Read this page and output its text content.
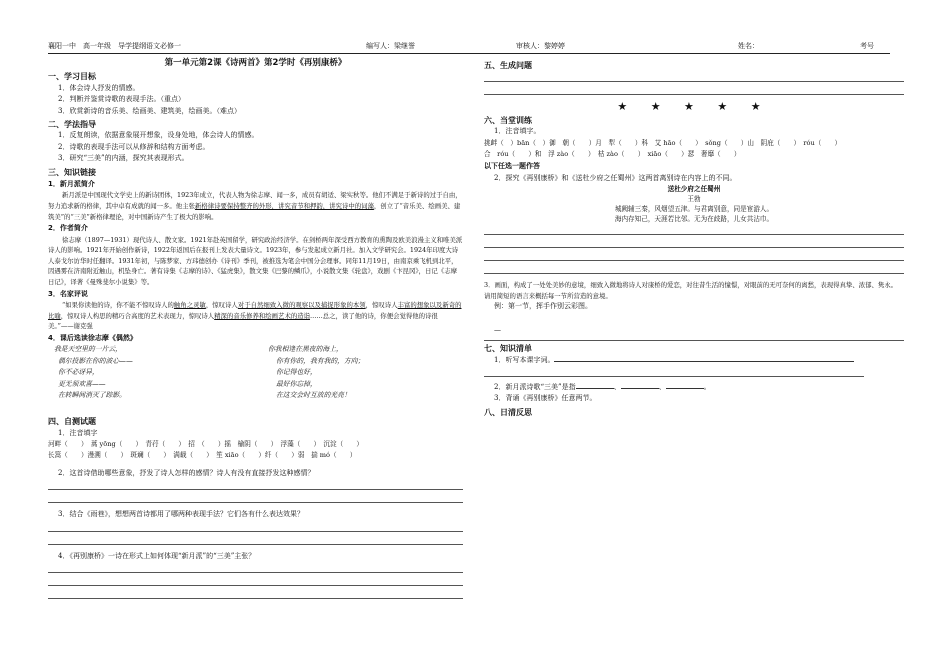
襄阳一中　高一年级　导学提纲语文必修一	编写人：梁继誉	审核人：黎婷婷	姓名：	考号
第一单元第2课《诗两首》第2学时《再别康桥》
一、学习目标
1．体会诗人抒发的情感。
2．判断并鉴赏诗歌的表现手法。（重点）
3．欣赏新诗的音乐美、绘画美、建筑美，绘画美。（难点）
二、学法指导
1．反复朗读，依据意象展开想象，设身处地，体会诗人的情感。
2．诗歌的表现手法可以从修辞和结构方面考虑。
3．研究“三美”的内涵，探究其表现形式。
三、知识链接
1．新月派简介
新月派是中国现代文学史上的新诗团体，1923年成立，代表人物为徐志摩、闻一多，成员有胡适、梁实秋等。他们不满足于新诗的过于自由，努力追求新的格律，其中卓有成就的闻一多。他主张新格律诗要保持整齐的外形，讲究音节和押韵，讲究诗中的词藻，创立了“音乐美、绘画美、建筑美”的“三美”新格律理论，对中国新诗产生了极大的影响。
2．作者简介
徐志摩（1897—1931）现代诗人、散文家。1921年赴英国留学，研究政治经济学。在剑桥两年深受西方教育的熏陶及欧美浪漫主义和唯美派诗人的影响。1921年开始创作新诗，1922年返国后在报刊上发表大量诗文。1923年，参与发起成立新月社。加入文学研究会。1924年印度大诗人泰戈尔访华时任翻译。1931年初，与陈梦家、方玮德创办《诗刊》季刊，被推选为笔会中国分会理事。同年11月19日，由南京乘飞机到北平，因遇雾在济南附近触山，机坠身亡。著有诗集《志摩的诗》、《猛虎集》，散文集《巴黎的鳞爪》，小说散文集《轮盘》，戏剧《卞昆冈》，日记《志摩日记》，译著《曼殊斐尔小说集》等。
3．名家评说
“如果你读他的诗，你不能不惊叹诗人的触角之灵敏，惊叹诗人对于自然细致入微的观察以及捕捉形象的本领，惊叹诗人丰富的想象以及新奇的比喻，惊叹诗人构思的精巧合高度的艺术表现力，惊叹诗人精深的音乐修养和绘画艺术的造诣……总之，读了他的诗，你便会觉得他的诗很美。”——谢克强
4．课后选读徐志摩《偶然》
我是天空里的一片云，
偶尔投影在你的波心——
你不必讶异，
更无须欢喜——
在转瞬间消灭了踪影。
你我相逢在黑夜的海上，
你有你的，我有我的，方向；
你记得也好，
最好你忘掉，
在这交会时互放的光亮！
四、自测试题
1．注音填字
河畔（　　）　蒿 yōng（　　）　青荇（　　）　招　（　　）摇　榆阴（　　）　浮藻（　　）　沉淀（　　）
长篙（　　）漫溯（　　）　斑斓（　　）　满载（　　）　笙 xiāo（　　）纤（　　）弱　揣 mó（　　）
2．这首诗借助哪些意象，抒发了诗人怎样的感情？诗人有没有直接抒发这种感情？
3．结合《雨巷》，想想两首诗都用了哪两种表现手法？它们各有什么表达效果？
4．《再别康桥》一诗在形式上如何体现“新月派”的“三美”主张？
五、生成问题
★ ★ ★ ★ ★
六、当堂训练
1．注音填字。
挑衅（　）bān（　）御　朝（　　）月　犁（　　）科　艾 hāo（　　）　sǒng（　　）山　阴庇（　　）　róu（　　）
合　róu（　　）和　浮 zào（　　）　枯 zào（　　）　xiāo（　　）瑟　奢靡（　　）
以下任选一题作答
2．探究《再别康桥》和《送杜少府之任蜀州》这两首离别诗在内容上的不同。
送杜少府之任蜀州
王勃
城阙辅三秦，风烟望五津。与君离别意，同是宦游人。
海内存知己，天涯若比邻。无为在歧路，儿女共沾巾。
3．画面，构成了一处处美妙的意境，细致入微地将诗人对康桥的爱恋，对往昔生活的憧憬，对眼前的无可奈何的离愁，表现得真挚、浓郁、隽永。　请用简短的语言来概括每一节所营造的意境。
例：第一节，挥手作别云彩图。
—
七、知识清单
1．听写本课字词。
2．新月派诗歌“三美”是指	、	、	。
3．背诵《再别康桥》任意两节。
八、日清反思
